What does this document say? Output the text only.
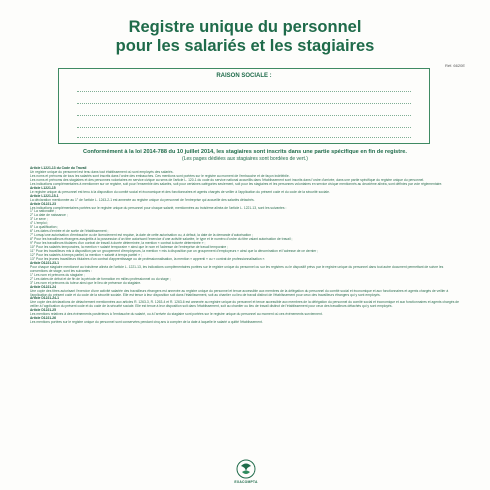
Registre unique du personnel
pour les salariés et les stagiaires
Réf. 6620E
RAISON SOCIALE :
Conformément à la loi 2014-788 du 10 juillet 2014, les stagiaires sont inscrits dans une partie spécifique en fin de registre.
(Les pages dédiées aux stagiaires sont bordées de vert.)

Article L1221-13 du Code du Travail

Un registre unique du personnel est tenu dans tout établissement où sont employés des salariés.

Les noms et prénoms de tous les salariés sont inscrits dans l'ordre des embauches. Ces mentions sont portées sur le registre au moment de l'embauche et de façon indélébile.

Les noms et prénoms des stagiaires et des personnes volontaires en service civique au sens de l'article L. 120-1 du code du service national accueillis dans l'établissement sont inscrits dans l'ordre d'arrivée, dans une partie spécifique du registre unique du personnel.

Les indications complémentaires à mentionner sur ce registre, soit pour l'ensemble des salariés, soit pour certaines catégories seulement, soit pour les stagiaires et les personnes volontaires en service civique mentionnés au deuxième alinéa, sont définies par voie réglementaire.

Article L1221-15

Le registre unique du personnel est tenu à la disposition du comité social et économique et des fonctionnaires et agents chargés de veiller à l'application du présent code et du code de la sécurité sociale.

Article L1221-15-1

La déclaration mentionnée au 1° de l'article L. 1243-2-1 est annexée au registre unique du personnel de l'entreprise qui accueille des salariés détachés.

Article D1221-23

Les indications complémentaires portées sur le registre unique du personnel pour chaque salarié, mentionnées au troisième alinéa de l'article L. 1221-13, sont les suivantes :

1° La nationalité ;

2° La date de naissance ;

3° Le sexe ;

4° L'emploi ;

5° La qualification ;

6° Les dates d'entrée et de sortie de l'établissement ;

7° Lorsqu'une autorisation d'embauche ou de licenciement est requise, la date de cette autorisation ou, à défaut, la date de la demande d'autorisation ;

8° Pour les travailleurs étrangers assujettis à la possession d'un titre autorisant l'exercice d'une activité salariée, le type et le numéro d'ordre du titre valant autorisation de travail ;

9° Pour les travailleurs titulaires d'un contrat de travail à durée déterminée, la mention « contrat à durée déterminée » ;

10° Pour les salariés temporaires, la mention « salarié temporaire » ainsi que le nom et l'adresse de l'entreprise de travail temporaire ;

11° Pour les travailleurs mis à disposition par un groupement d'employeurs, la mention « mis à disposition par un groupement d'employeurs » ainsi que la dénomination et l'adresse de ce dernier ;

12° Pour les salariés à temps partiel, la mention « salarié à temps partiel » ;

13° Pour les jeunes travailleurs titulaires d'un contrat d'apprentissage ou de professionnalisation, la mention « apprenti » ou « contrat de professionnalisation ».

Article D1221-23-1

Pour chaque stagiaire mentionné au troisième alinéa de l'article L. 1221-13, les indications complémentaires portées sur le registre unique du personnel ou sur les registres ou le dispositif prévu par le registre unique du personnel dans tout autre document permettant de suivre les conventions de stage, sont les suivantes :

1° Les nom et prénoms du stagiaire ;

2° Les dates de début et de fin de la période de formation en milieu professionnel ou du stage ;

3° Les nom et prénoms du tuteur ainsi que le lieu de présence du stagiaire.

Article D1221-24

Une copie des titres autorisant l'exercice d'une activité salariée des travailleurs étrangers est annexée au registre unique du personnel et tenue accessible aux membres de la délégation du personnel du comité social et économique et aux fonctionnaires et agents chargés de veiller à l'application du présent code et du code de la sécurité sociale. Elle est tenue à leur disposition soit dans l'établissement, soit au chantier ou lieu de travail distinct de l'établissement pour ceux des travailleurs étrangers qui y sont employés.

Article D1221-24-1

Une copie des déclarations de détachement mentionnées aux articles R. 1263-3, R. 1263-4 et R. 1263-6 est annexée au registre unique du personnel et tenue accessible aux membres de la délégation du personnel du comité social et économique et aux fonctionnaires et agents chargés de veiller à l'application du présent code et du code de la sécurité sociale. Elle est tenue à leur disposition soit dans l'établissement, soit au chantier ou lieu de travail distinct de l'établissement pour ceux des travailleurs détachés qui y sont employés.

Article D1221-25

Les mentions relatives à des événements postérieurs à l'embauche du salarié, ou à l'arrivée du stagiaire sont portées sur le registre unique du personnel au moment où ces événements surviennent.

Article D1221-26

Les mentions portées sur le registre unique du personnel sont conservées pendant cinq ans à compter de la date à laquelle le salarié a quitté l'établissement.

EXACOMPTA
